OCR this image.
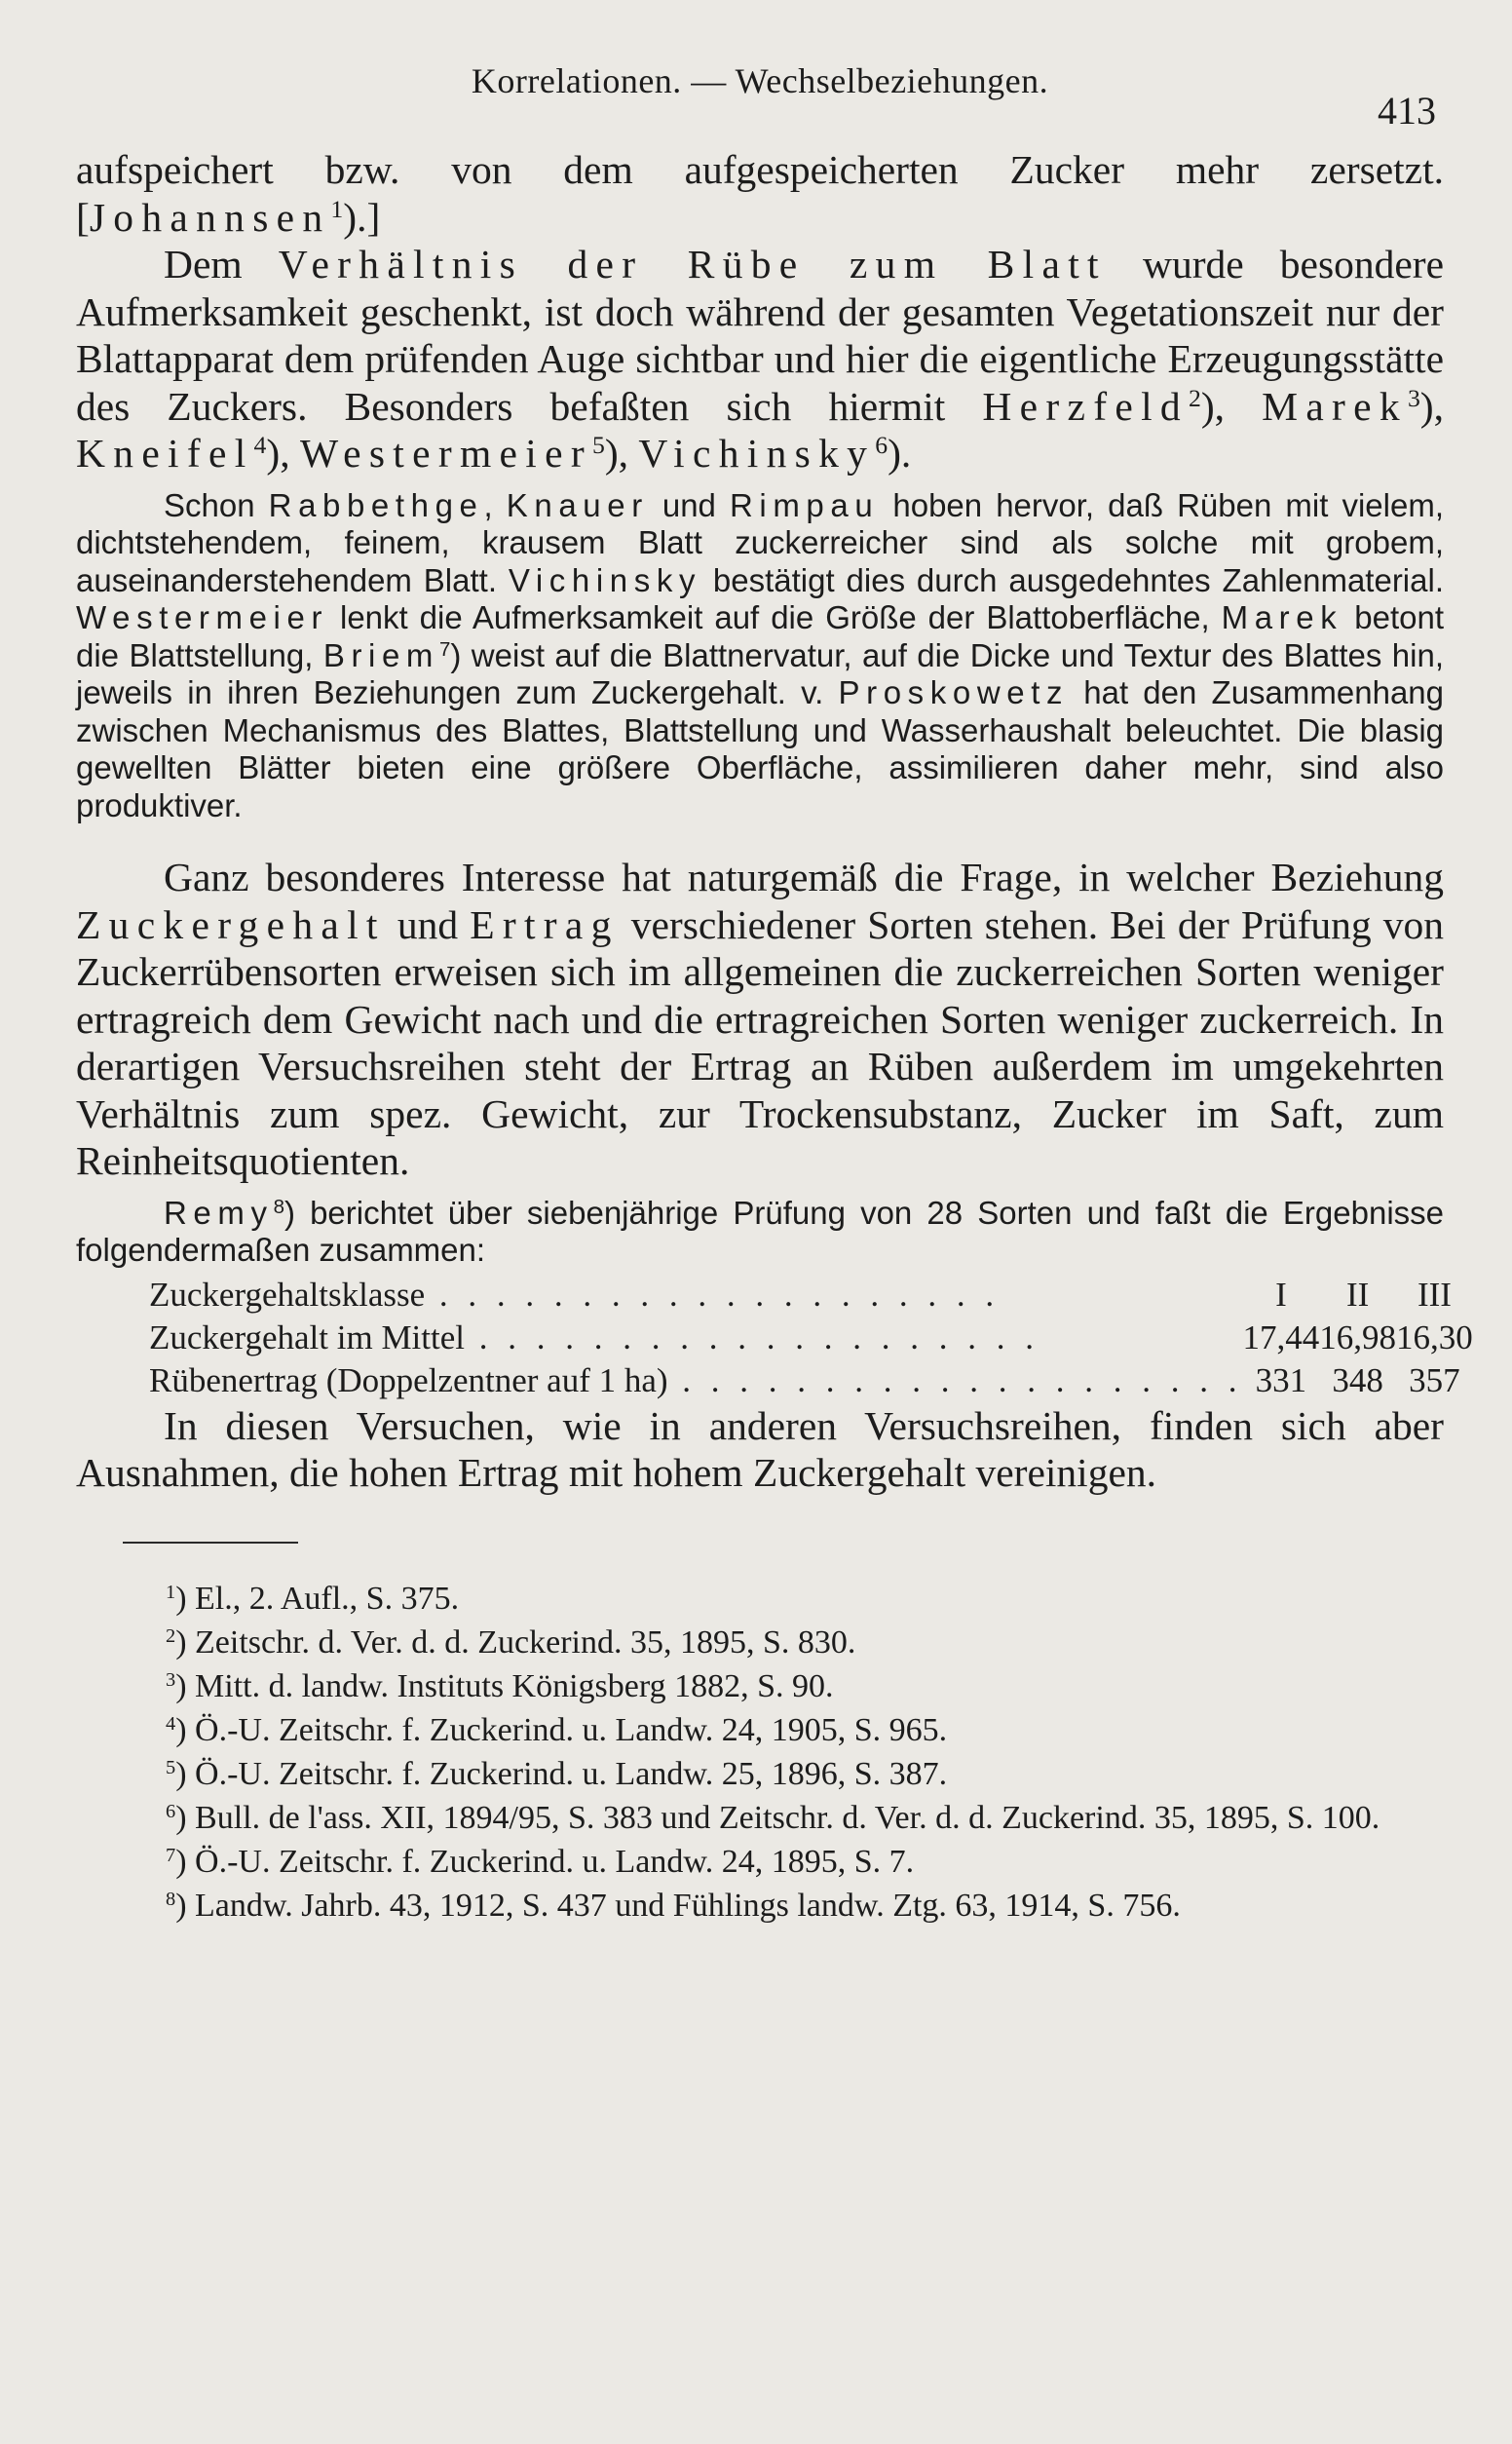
Korrelationen. — Wechselbeziehungen.
413

aufspeichert bzw. von dem aufgespeicherten Zucker mehr zersetzt. [Johannsen$^1$).]

Dem Verhältnis der Rübe zum Blatt wurde besondere Aufmerksamkeit geschenkt, ist doch während der gesamten Vegetationszeit nur der Blattapparat dem prüfenden Auge sichtbar und hier die eigentliche Erzeugungsstätte des Zuckers. Besonders befaßten sich hiermit Herzfeld$^2$), Marek$^3$), Kneifel$^4$), Westermeier$^5$), Vichinsky$^6$).

Schon Rabbethge, Knauer und Rimpau hoben hervor, daß Rüben mit vielem, dichtstehendem, feinem, krausem Blatt zuckerreicher sind als solche mit grobem, auseinanderstehendem Blatt. Vichinsky bestätigt dies durch ausgedehntes Zahlenmaterial. Westermeier lenkt die Aufmerksamkeit auf die Größe der Blattoberfläche, Marek betont die Blattstellung, Briem$^7$) weist auf die Blattnervatur, auf die Dicke und Textur des Blattes hin, jeweils in ihren Beziehungen zum Zuckergehalt. v. Proskowetz hat den Zusammenhang zwischen Mechanismus des Blattes, Blattstellung und Wasserhaushalt beleuchtet. Die blasig gewellten Blätter bieten eine größere Oberfläche, assimilieren daher mehr, sind also produktiver.

Ganz besonderes Interesse hat naturgemäß die Frage, in welcher Beziehung Zuckergehalt und Ertrag verschiedener Sorten stehen. Bei der Prüfung von Zuckerrübensorten erweisen sich im allgemeinen die zuckerreichen Sorten weniger ertragreich dem Gewicht nach und die ertragreichen Sorten weniger zuckerreich. In derartigen Versuchsreihen steht der Ertrag an Rüben außerdem im umgekehrten Verhältnis zum spez. Gewicht, zur Trockensubstanz, Zucker im Saft, zum Reinheitsquotienten.

Remy$^8$) berichtet über siebenjährige Prüfung von 28 Sorten und faßt die Ergebnisse folgendermaßen zusammen:

Zuckergehaltsklasse . . .	I	II	III
Zuckergehalt im Mittel . . .	17,44	16,98	16,30
Rübenertrag (Doppelzentner auf 1 ha) . . .	331	348	357

In diesen Versuchen, wie in anderen Versuchsreihen, finden sich aber Ausnahmen, die hohen Ertrag mit hohem Zuckergehalt vereinigen.

$^1$) El., 2. Aufl., S. 375.

$^2$) Zeitschr. d. Ver. d. d. Zuckerind. 35, 1895, S. 830.

$^3$) Mitt. d. landw. Instituts Königsberg 1882, S. 90.

$^4$) Ö.-U. Zeitschr. f. Zuckerind. u. Landw. 24, 1905, S. 965.

$^5$) Ö.-U. Zeitschr. f. Zuckerind. u. Landw. 25, 1896, S. 387.

$^6$) Bull. de l'ass. XII, 1894/95, S. 383 und Zeitschr. d. Ver. d. d. Zuckerind. 35, 1895, S. 100.

$^7$) Ö.-U. Zeitschr. f. Zuckerind. u. Landw. 24, 1895, S. 7.

$^8$) Landw. Jahrb. 43, 1912, S. 437 und Fühlings landw. Ztg. 63, 1914, S. 756.
